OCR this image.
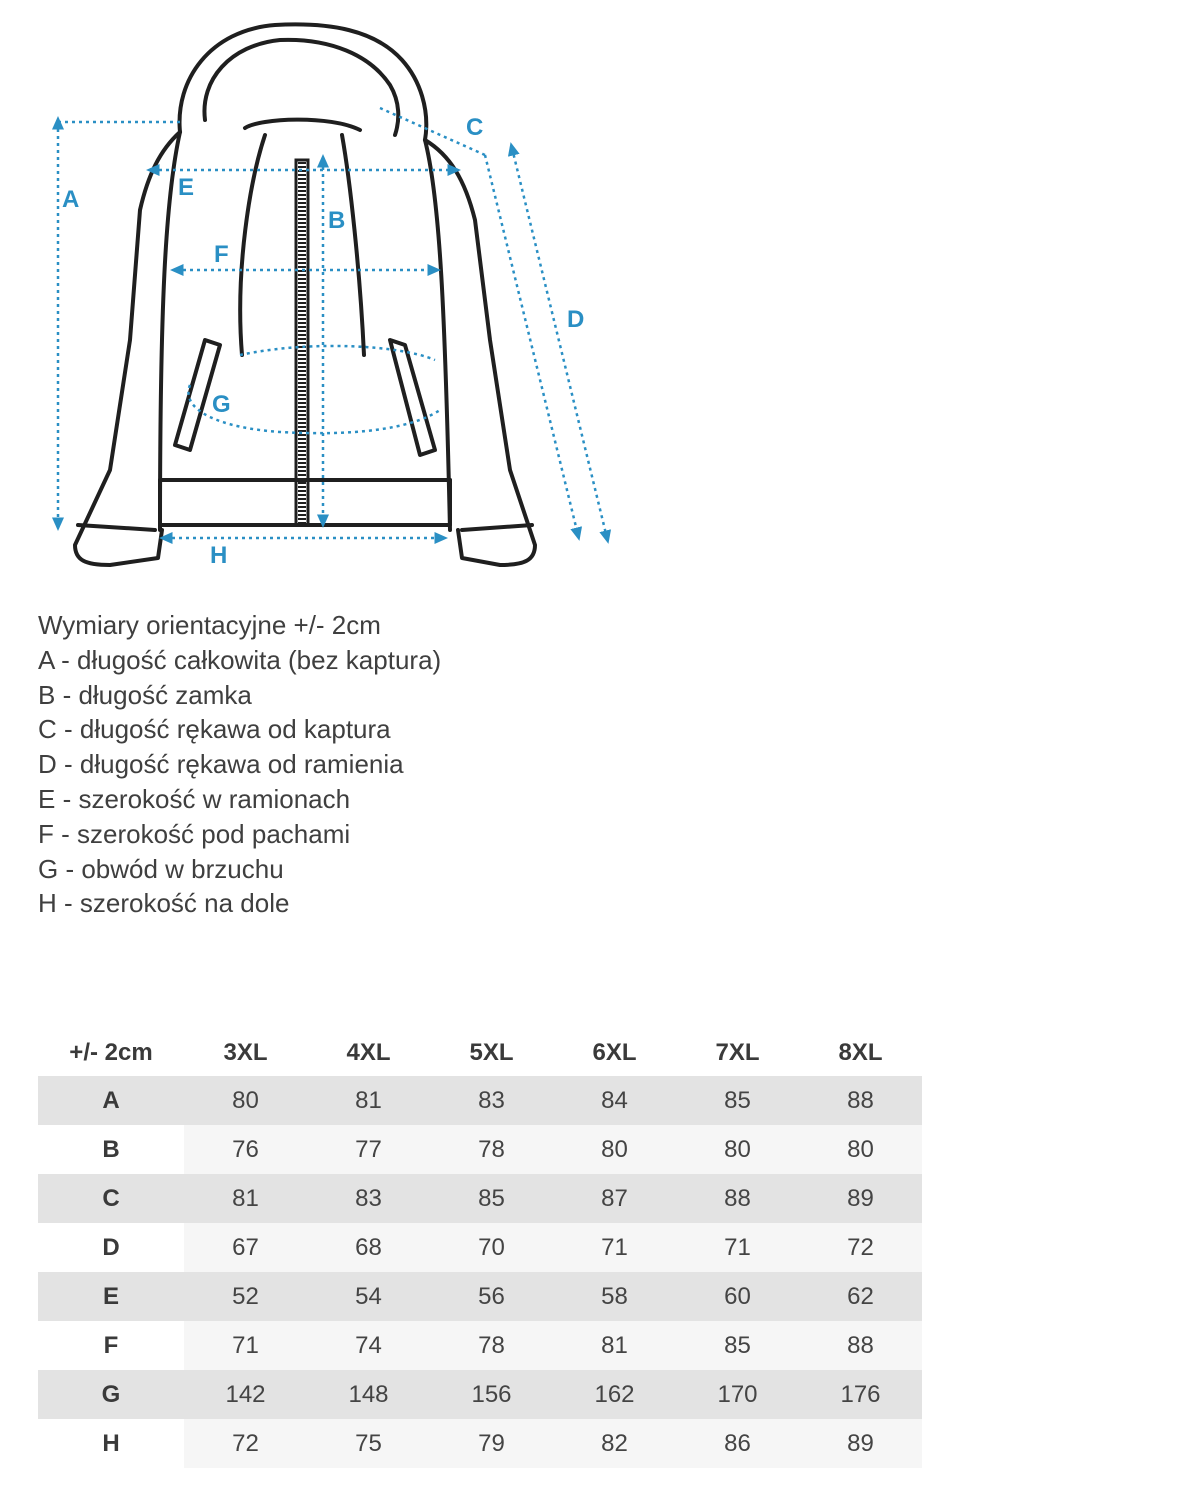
A
B
C
D
E
F
G
H
Wymiary orientacyjne +/- 2cm
A - długość całkowita (bez kaptura)
B - długość zamka
C - długość rękawa od kaptura
D - długość rękawa od ramienia
E - szerokość w ramionach
F - szerokość pod pachami
G - obwód w brzuchu
H - szerokość na dole
+/- 2cm	3XL	4XL	5XL	6XL	7XL	8XL
A	80	81	83	84	85	88
B	76	77	78	80	80	80
C	81	83	85	87	88	89
D	67	68	70	71	71	72
E	52	54	56	58	60	62
F	71	74	78	81	85	88
G	142	148	156	162	170	176
H	72	75	79	82	86	89
